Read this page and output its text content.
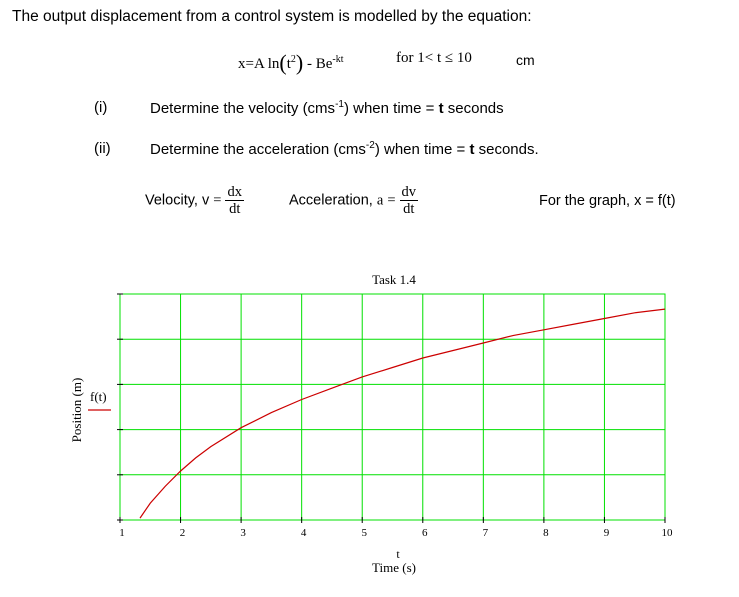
The output displacement from a control system is modelled by the equation:
x=A $\ln(t^2) - Be^{-kt}$	for 1< t ≤ 10	cm
(i)	Determine the velocity (cms$^{-1}$) when time = t seconds
(ii)	Determine the acceleration (cms$^{-2}$) when time = t seconds.
Velocity, $v = \frac{dx}{dt}$	Acceleration, $a = \frac{dv}{dt}$	For the graph, x = f(t)
Task 1.4
1	2	3	4	5	6	7	8	9	10
t
Time (s)
Position (m) f(t)
